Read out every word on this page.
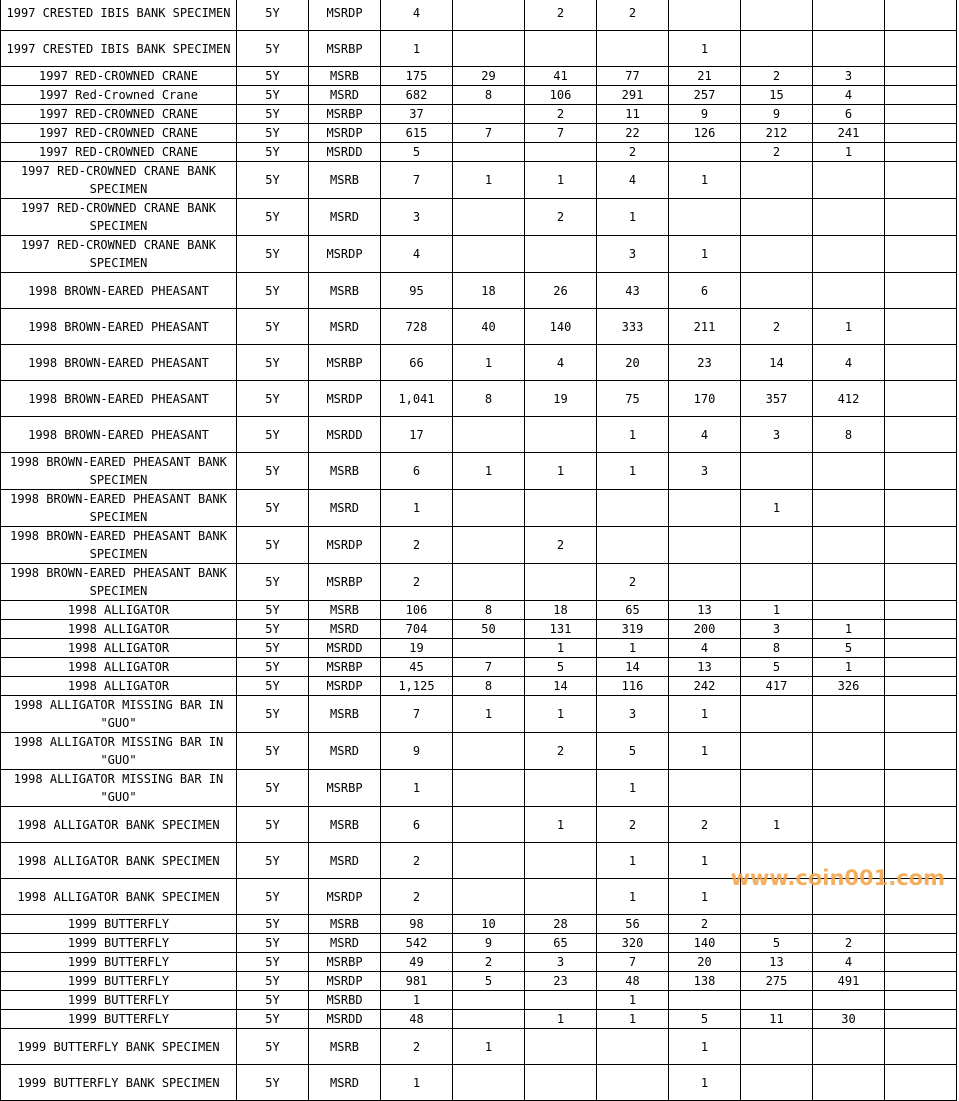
1997 CRESTED IBIS BANK SPECIMEN	5Y	MSRDP	4		2	2				
1997 CRESTED IBIS BANK SPECIMEN	5Y	MSRBP	1				1			
1997 RED-CROWNED CRANE	5Y	MSRB	175	29	41	77	21	2	3	
1997 Red-Crowned Crane	5Y	MSRD	682	8	106	291	257	15	4	
1997 RED-CROWNED CRANE	5Y	MSRBP	37		2	11	9	9	6	
1997 RED-CROWNED CRANE	5Y	MSRDP	615	7	7	22	126	212	241	
1997 RED-CROWNED CRANE	5Y	MSRDD	5			2		2	1	
1997 RED-CROWNED CRANE BANK SPECIMEN	5Y	MSRB	7	1	1	4	1			
1997 RED-CROWNED CRANE BANK SPECIMEN	5Y	MSRD	3		2	1				
1997 RED-CROWNED CRANE BANK SPECIMEN	5Y	MSRDP	4			3	1			
1998 BROWN-EARED PHEASANT	5Y	MSRB	95	18	26	43	6			
1998 BROWN-EARED PHEASANT	5Y	MSRD	728	40	140	333	211	2	1	
1998 BROWN-EARED PHEASANT	5Y	MSRBP	66	1	4	20	23	14	4	
1998 BROWN-EARED PHEASANT	5Y	MSRDP	1,041	8	19	75	170	357	412	
1998 BROWN-EARED PHEASANT	5Y	MSRDD	17			1	4	3	8	
1998 BROWN-EARED PHEASANT BANK SPECIMEN	5Y	MSRB	6	1	1	1	3			
1998 BROWN-EARED PHEASANT BANK SPECIMEN	5Y	MSRD	1					1		
1998 BROWN-EARED PHEASANT BANK SPECIMEN	5Y	MSRDP	2		2					
1998 BROWN-EARED PHEASANT BANK SPECIMEN	5Y	MSRBP	2			2				
1998 ALLIGATOR	5Y	MSRB	106	8	18	65	13	1		
1998 ALLIGATOR	5Y	MSRD	704	50	131	319	200	3	1	
1998 ALLIGATOR	5Y	MSRDD	19		1	1	4	8	5	
1998 ALLIGATOR	5Y	MSRBP	45	7	5	14	13	5	1	
1998 ALLIGATOR	5Y	MSRDP	1,125	8	14	116	242	417	326	
1998 ALLIGATOR MISSING BAR IN "GUO"	5Y	MSRB	7	1	1	3	1			
1998 ALLIGATOR MISSING BAR IN "GUO"	5Y	MSRD	9		2	5	1			
1998 ALLIGATOR MISSING BAR IN "GUO"	5Y	MSRBP	1			1				
1998 ALLIGATOR BANK SPECIMEN	5Y	MSRB	6		1	2	2	1		
1998 ALLIGATOR BANK SPECIMEN	5Y	MSRD	2			1	1			
1998 ALLIGATOR BANK SPECIMEN	5Y	MSRDP	2			1	1			
1999 BUTTERFLY	5Y	MSRB	98	10	28	56	2			
1999 BUTTERFLY	5Y	MSRD	542	9	65	320	140	5	2	
1999 BUTTERFLY	5Y	MSRBP	49	2	3	7	20	13	4	
1999 BUTTERFLY	5Y	MSRDP	981	5	23	48	138	275	491	
1999 BUTTERFLY	5Y	MSRBD	1			1				
1999 BUTTERFLY	5Y	MSRDD	48		1	1	5	11	30	
1999 BUTTERFLY BANK SPECIMEN	5Y	MSRB	2	1			1			
1999 BUTTERFLY BANK SPECIMEN	5Y	MSRD	1				1			
www.coin001.com
